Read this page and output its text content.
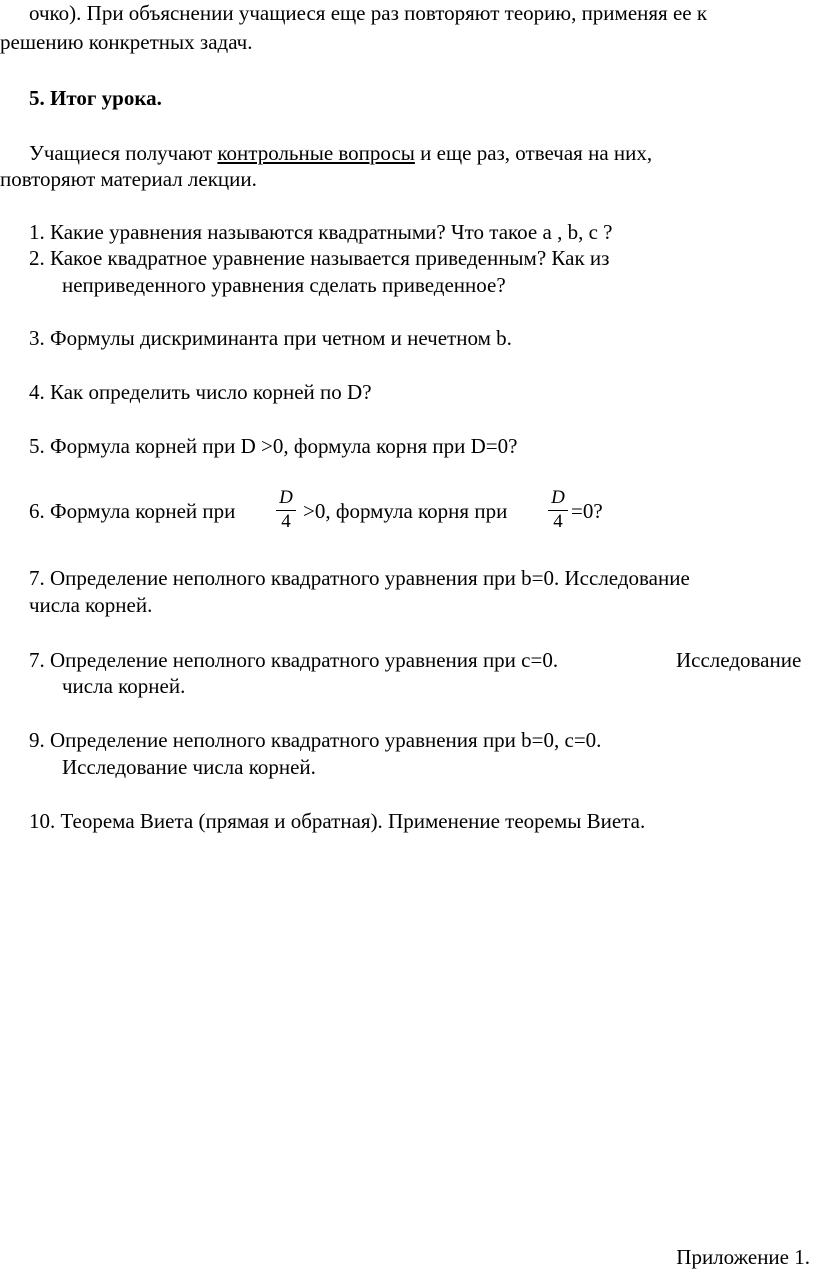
очко). При объяснении учащиеся еще раз повторяют теорию, применяя ее к
решению конкретных задач.
5. Итог урока.
Учащиеся получают контрольные вопросы и еще раз, отвечая на них,
повторяют материал лекции.
1. Какие уравнения называются квадратными? Что такое a , b, c ?
2. Какое квадратное уравнение называется приведенным? Как из
неприведенного уравнения сделать приведенное?
3. Формулы дискриминанта при четном и нечетном b.
4. Как определить число корней по D?
5. Формула корней при D >0, формула корня при D=0?
6. Формула корней при
D
4 >0, формула корня при
D
4 =0?
7. Определение неполного квадратного уравнения при b=0. Исследование
числа корней.
7. Определение неполного квадратного уравнения при c=0.	Исследование
числа корней.
9. Определение неполного квадратного уравнения при b=0, c=0.
Исследование числа корней.
10. Теорема Виета (прямая и обратная). Применение теоремы Виета.
Приложение 1.
